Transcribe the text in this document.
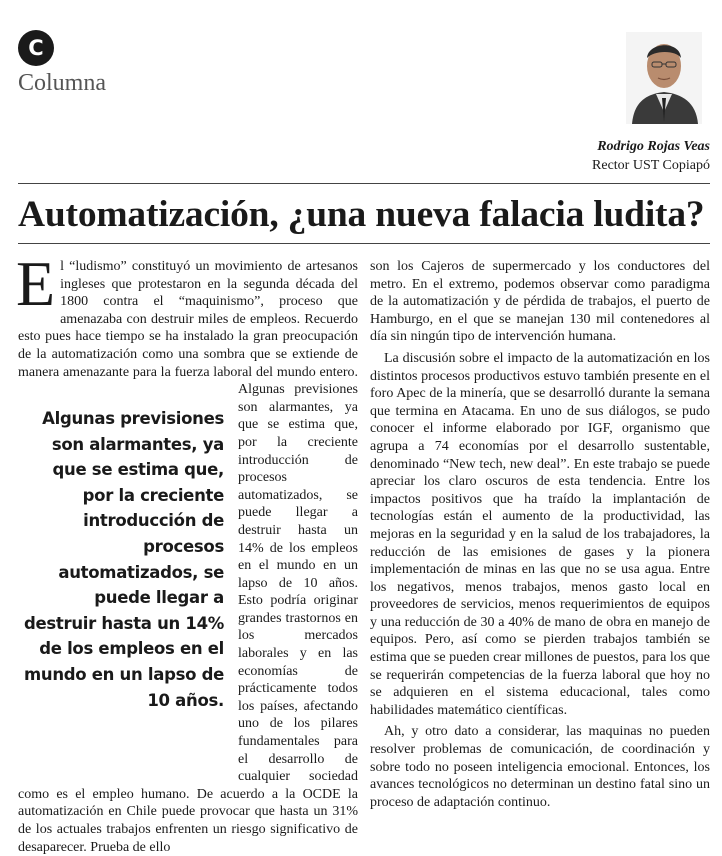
C
Columna
Rodrigo Rojas Veas
Rector UST Copiapó
Automatización, ¿una nueva falacia ludita?
E l “ludismo” constituyó un movimiento de artesanos ingleses que protestaron en la segunda década del 1800 contra el “maquinismo”, proceso que amenazaba con destruir miles de empleos. Recuerdo esto pues hace tiempo se ha instalado la gran preocupación de la automatización como una sombra que se extiende de manera amenazante para la fuerza laboral del mundo entero.
Algunas previsiones son alarmantes, ya que se estima que, por la creciente introducción de procesos automatizados, se puede llegar a destruir hasta un 14% de los empleos en el mundo en un lapso de 10 años. Esto podría originar grandes trastornos en los mercados laborales y en las economías de prácticamente todos los países, afectando uno de los pilares fundamentales para el desarrollo de cualquier sociedad como es el empleo humano. De acuerdo a la OCDE la automatización en Chile puede provocar que hasta un 31% de los actuales trabajos enfrenten un riesgo significativo de desaparecer. Prueba de ello

Algunas previsiones son alarmantes, ya que se estima que, por la creciente introducción de procesos automatizados, se puede llegar a destruir hasta un 14% de los empleos en el mundo en un lapso de 10 años.

son los Cajeros de supermercado y los conductores del metro. En el extremo, podemos observar como paradigma de la automatización y de pérdida de trabajos, el puerto de Hamburgo, en el que se manejan 130 mil contenedores al día sin ningún tipo de intervención humana.

La discusión sobre el impacto de la automatización en los distintos procesos productivos estuvo también presente en el foro Apec de la minería, que se desarrolló durante la semana que termina en Atacama. En uno de sus diálogos, se pudo conocer el informe elaborado por IGF, organismo que agrupa a 74 economías por el desarrollo sustentable, denominado “New tech, new deal”. En este trabajo se puede apreciar los claro oscuros de esta tendencia. Entre los impactos positivos que ha traído la implantación de tecnologías están el aumento de la productividad, las mejoras en la seguridad y en la salud de los trabajadores, la reducción de las emisiones de gases y la pionera implementación de minas en las que no se usa agua. Entre los negativos, menos trabajos, menos gasto local en proveedores de servicios, menos requerimientos de equipos y una reducción de 30 a 40% de mano de obra en manejo de equipos. Pero, así como se pierden trabajos también se estima que se pueden crear millones de puestos, para los que se requerirán competencias de la fuerza laboral que hoy no se adquieren en el sistema educacional, tales como habilidades matemático científicas.

Ah, y otro dato a considerar, las maquinas no pueden resolver problemas de comunicación, de coordinación y sobre todo no poseen inteligencia emocional. Entonces, los avances tecnológicos no determinan un destino fatal sino un proceso de adaptación continuo.
